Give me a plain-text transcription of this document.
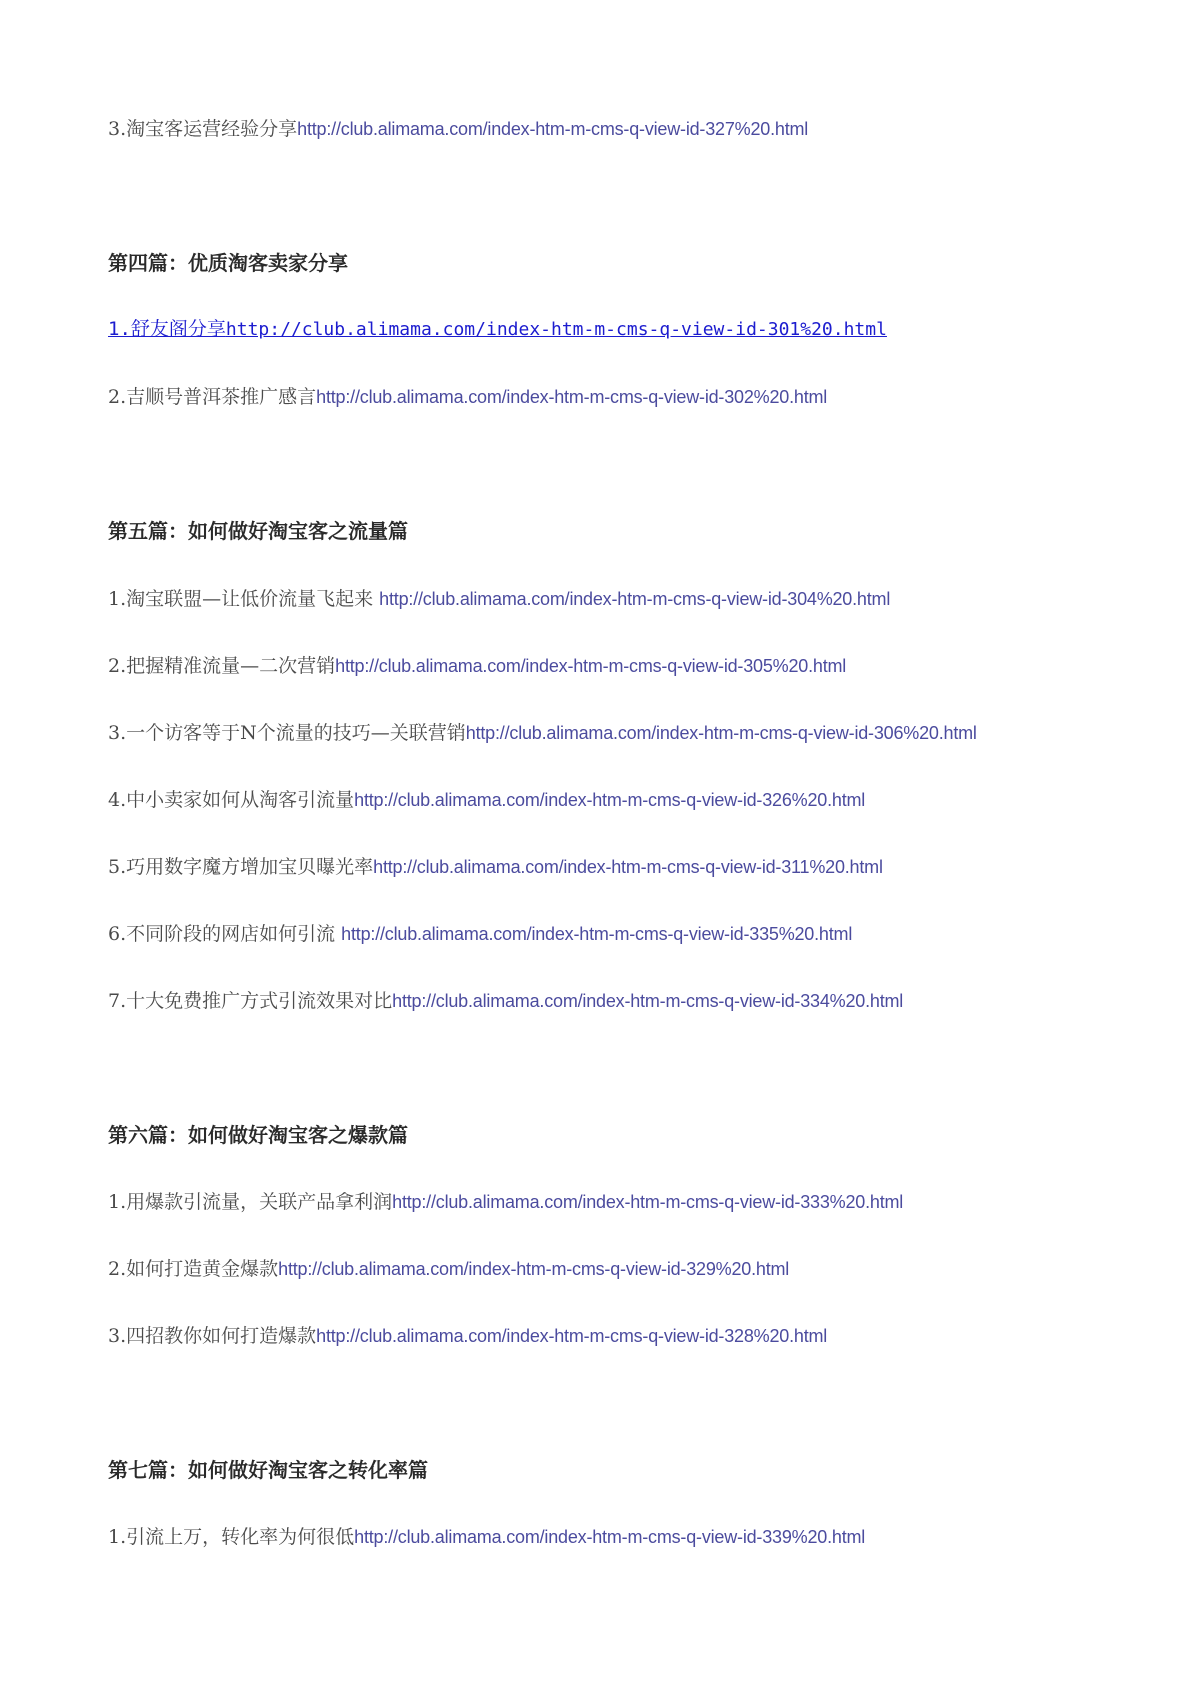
3.淘宝客运营经验分享http://club.alimama.com/index-htm-m-cms-q-view-id-327%20.html
第四篇：优质淘客卖家分享
1.舒友阁分享http://club.alimama.com/index-htm-m-cms-q-view-id-301%20.html
2.吉顺号普洱茶推广感言http://club.alimama.com/index-htm-m-cms-q-view-id-302%20.html
第五篇：如何做好淘宝客之流量篇
1.淘宝联盟—让低价流量飞起来 http://club.alimama.com/index-htm-m-cms-q-view-id-304%20.html
2.把握精准流量—二次营销http://club.alimama.com/index-htm-m-cms-q-view-id-305%20.html
3.一个访客等于N个流量的技巧—关联营销http://club.alimama.com/index-htm-m-cms-q-view-id-306%20.html
4.中小卖家如何从淘客引流量http://club.alimama.com/index-htm-m-cms-q-view-id-326%20.html
5.巧用数字魔方增加宝贝曝光率http://club.alimama.com/index-htm-m-cms-q-view-id-311%20.html
6.不同阶段的网店如何引流 http://club.alimama.com/index-htm-m-cms-q-view-id-335%20.html
7.十大免费推广方式引流效果对比http://club.alimama.com/index-htm-m-cms-q-view-id-334%20.html
第六篇：如何做好淘宝客之爆款篇
1.用爆款引流量，关联产品拿利润http://club.alimama.com/index-htm-m-cms-q-view-id-333%20.html
2.如何打造黄金爆款http://club.alimama.com/index-htm-m-cms-q-view-id-329%20.html
3.四招教你如何打造爆款http://club.alimama.com/index-htm-m-cms-q-view-id-328%20.html
第七篇：如何做好淘宝客之转化率篇
1.引流上万，转化率为何很低http://club.alimama.com/index-htm-m-cms-q-view-id-339%20.html
